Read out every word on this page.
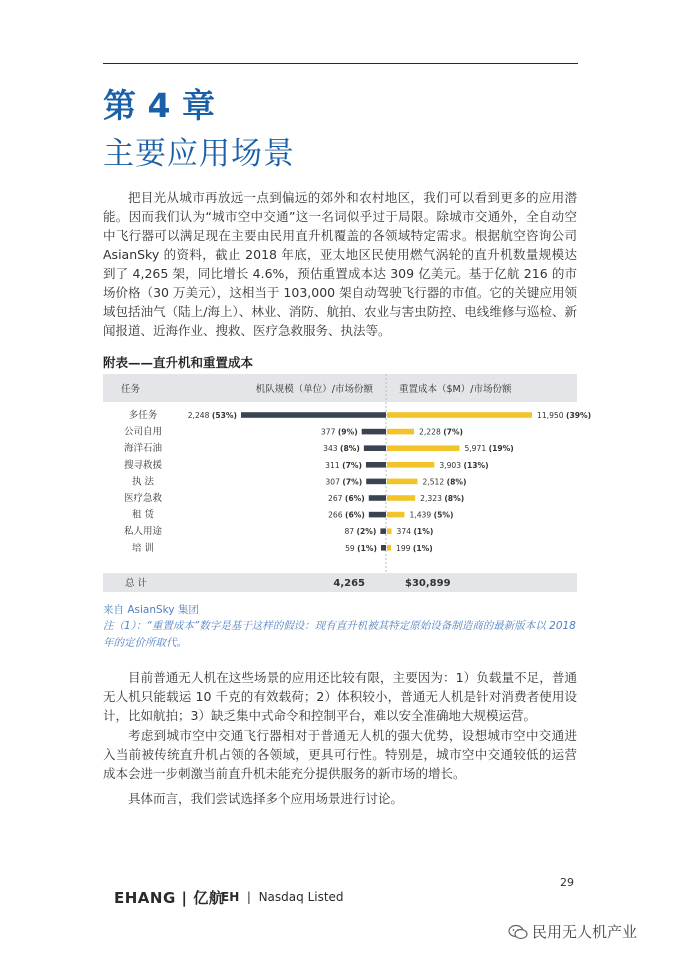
第 4 章
主要应用场景

把目光从城市再放远一点到偏远的郊外和农村地区，我们可以看到更多的应用潜能。因而我们认为“城市空中交通”这一名词似乎过于局限。除城市交通外，全自动空中飞行器可以满足现在主要由民用直升机覆盖的各领域特定需求。根据航空咨询公司 AsianSky 的资料，截止 2018 年底，亚太地区民使用燃气涡轮的直升机数量规模达到了 4,265 架，同比增长 4.6%，预估重置成本达 309 亿美元。基于亿航 216 的市场价格（30 万美元），这相当于 103,000 架自动驾驶飞行器的市值。它的关键应用领域包括油气（陆上/海上）、林业、消防、航拍、农业与害虫防控、电线维修与巡检、新闻报道、近海作业、搜救、医疗急救服务、执法等。

附表——直升机和重置成本
任务	机队规模（单位）/市场份额	重置成本（$M）/市场份额
多任务	2,248 (53%)	11,950 (39%)
公司自用	377 (9%)	2,228 (7%)
海洋石油	343 (8%)	5,971 (19%)
搜寻救援	311 (7%)	3,903 (13%)
执 法	307 (7%)	2,512 (8%)
医疗急救	267 (6%)	2,323 (8%)
租 赁	266 (6%)	1,439 (5%)
私人用途	87 (2%)	374 (1%)
培 训	59 (1%)	199 (1%)
总 计	4,265	$30,899
来自 AsianSky 集团
注（1）：“重置成本”数字是基于这样的假设：现有直升机被其特定原始设备制造商的最新版本以 2018 年的定价所取代。

目前普通无人机在这些场景的应用还比较有限，主要因为：1）负载量不足，普通无人机只能载运 10 千克的有效载荷；2）体积较小，普通无人机是针对消费者使用设计，比如航拍；3）缺乏集中式命令和控制平台，难以安全准确地大规模运营。

考虑到城市空中交通飞行器相对于普通无人机的强大优势，设想城市空中交通进入当前被传统直升机占领的各领域，更具可行性。特别是，城市空中交通较低的运营成本会进一步刺激当前直升机未能充分提供服务的新市场的增长。

具体而言，我们尝试选择多个应用场景进行讨论。

29
EHANG | 亿航
EH  |  Nasdaq Listed
民用无人机产业
